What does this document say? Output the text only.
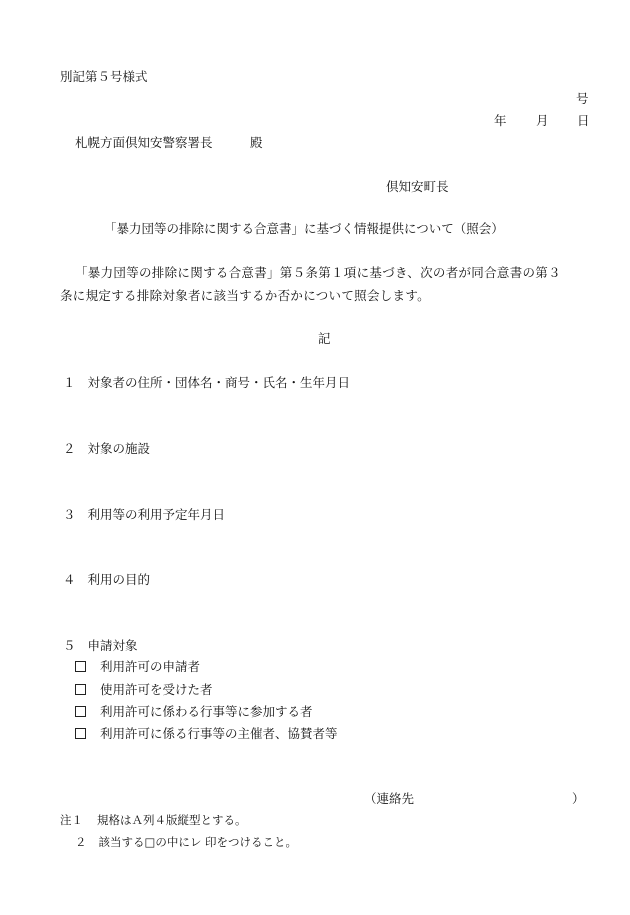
別記第５号様式
号
年 月 日
札幌方面倶知安警察署長	殿
倶知安町長
「暴力団等の排除に関する合意書」に基づく情報提供について（照会）
「暴力団等の排除に関する合意書」第５条第１項に基づき、次の者が同合意書の第３
条に規定する排除対象者に該当するか否かについて照会します。
記
１ 対象者の住所・団体名・商号・氏名・生年月日
２ 対象の施設
３ 利用等の利用予定年月日
４ 利用の目的
５ 申請対象
利用許可の申請者
使用許可を受けた者
利用許可に係わる行事等に参加する者
利用許可に係る行事等の主催者、協賛者等
（連絡先	）
注１ 規格はＡ列４版縦型とする。
２ 該当する□の中にレ 印をつけること。
